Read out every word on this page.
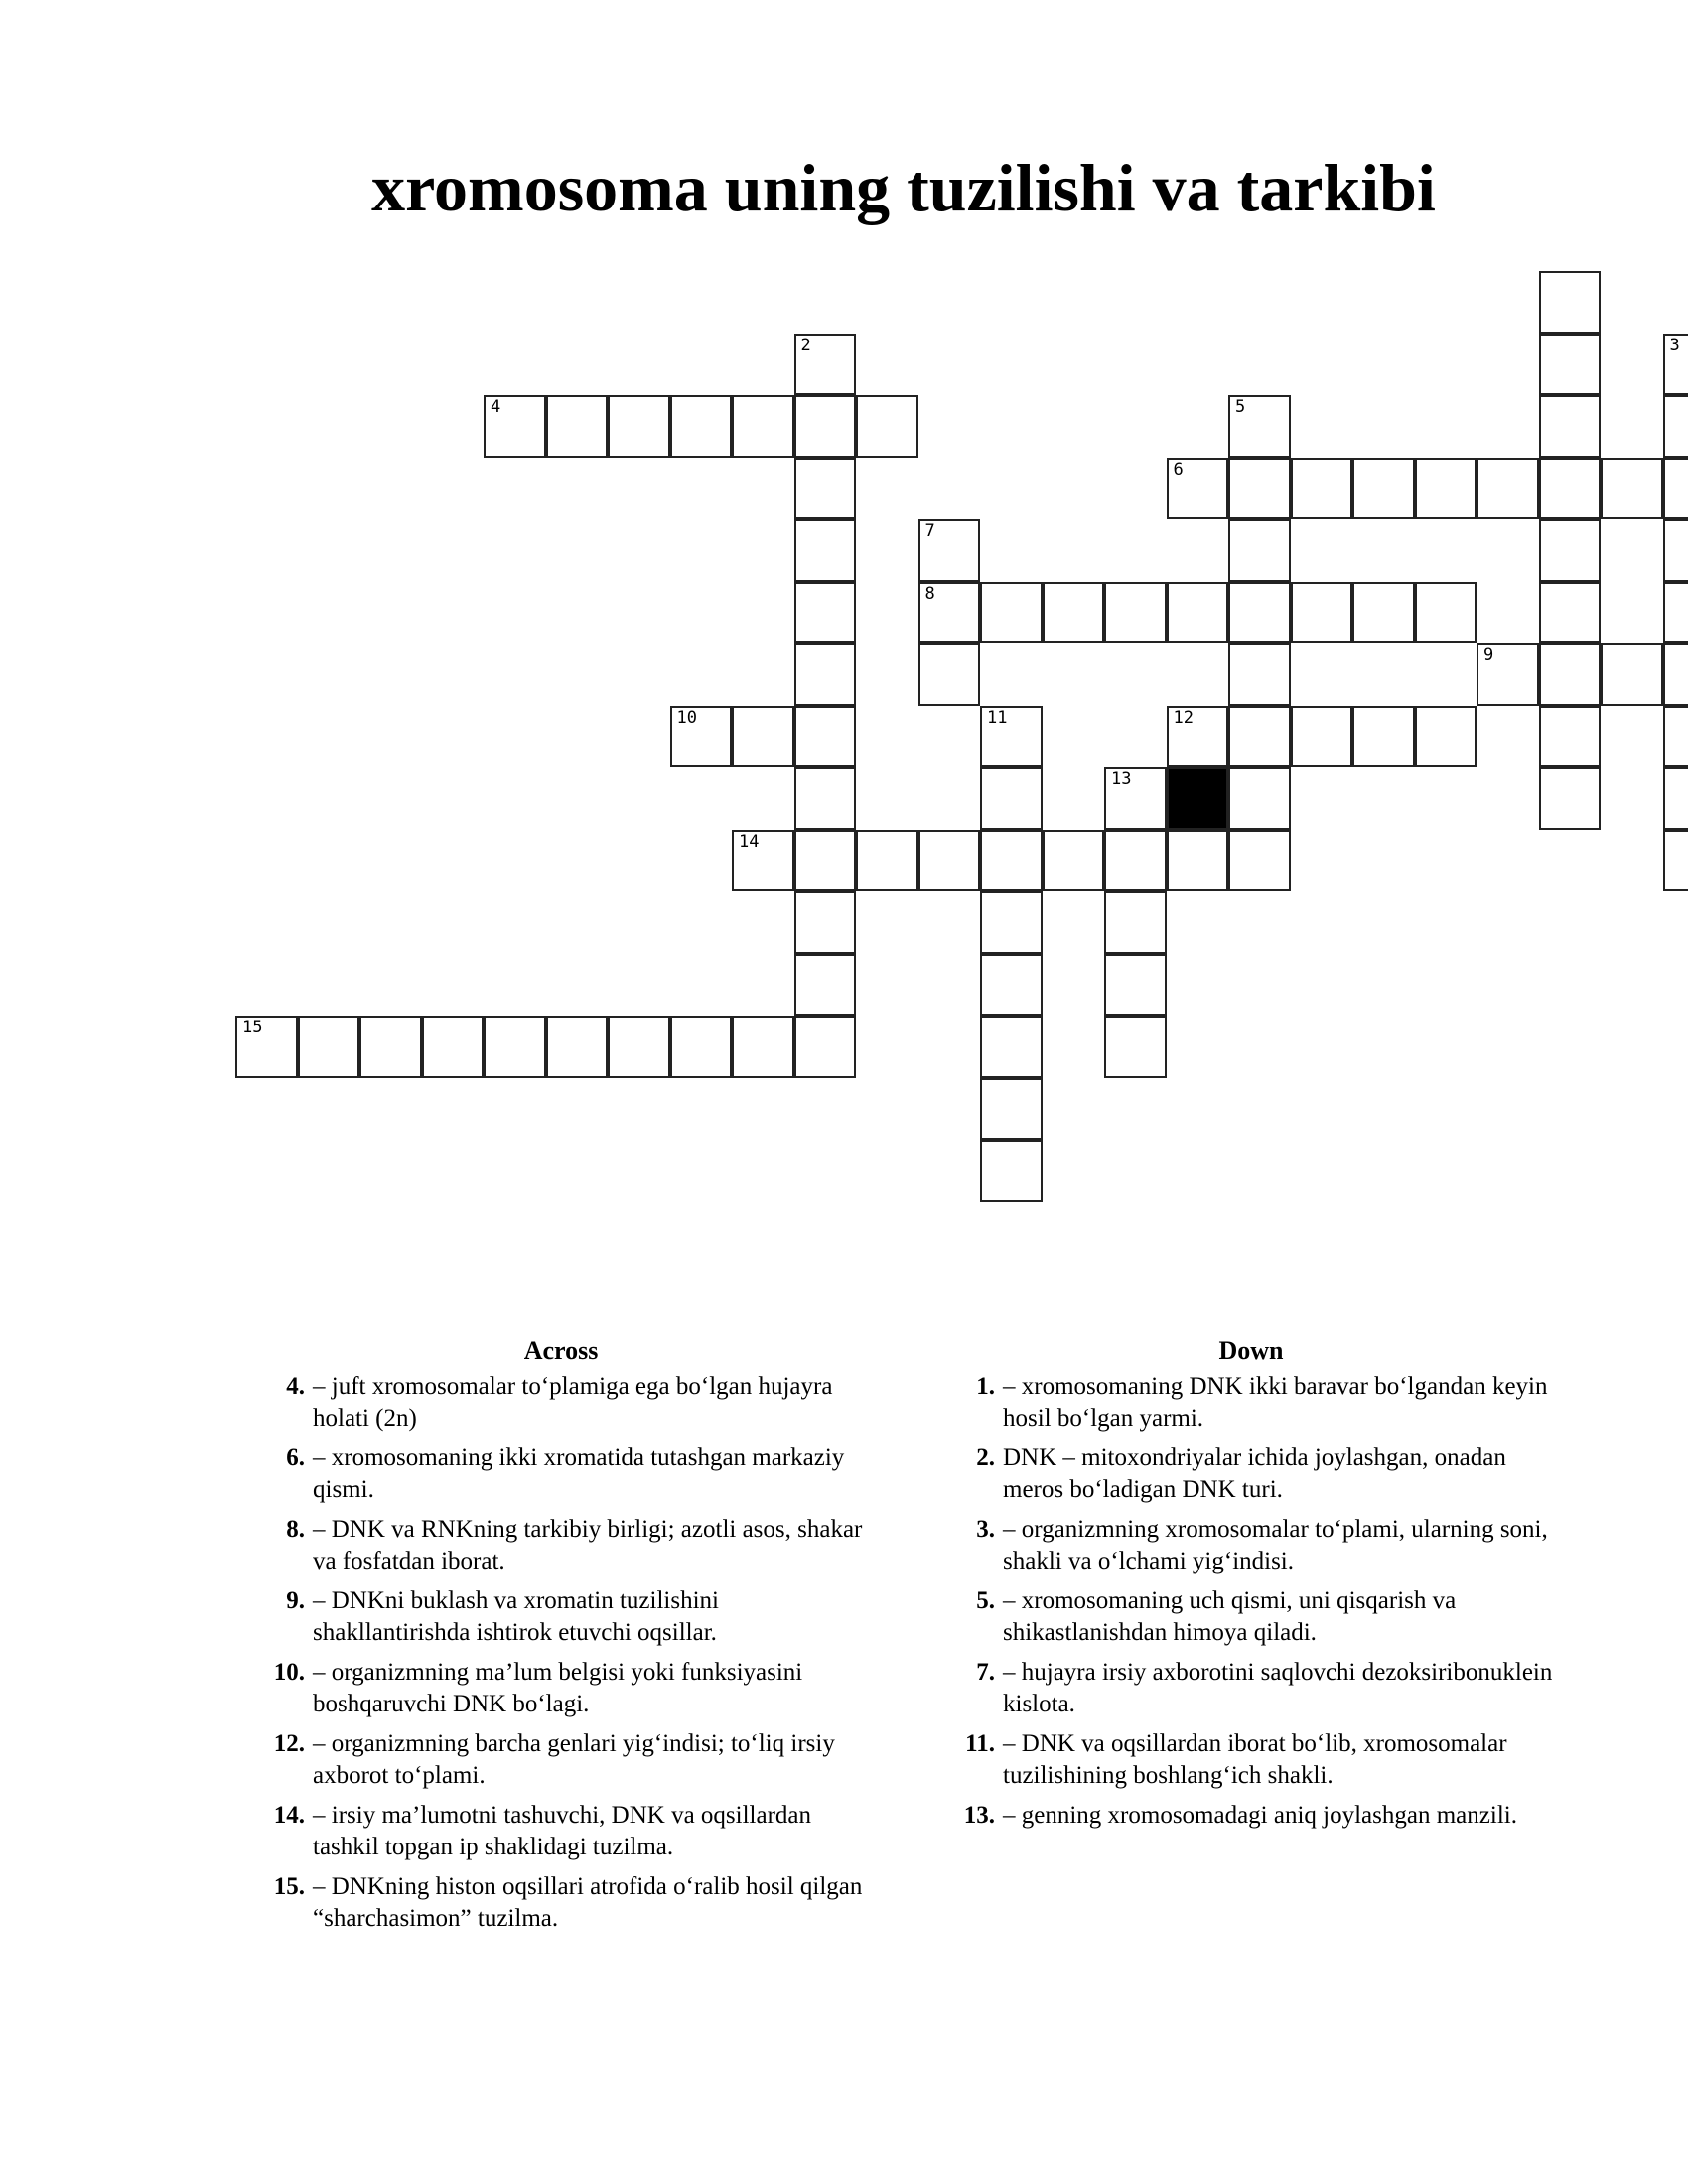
xromosoma uning tuzilishi va tarkibi
2	3
4	5
6
7
8
9
10	11	12
13
14
15
Across
4. – juft xromosomalar to‘plamiga ega bo‘lgan hujayra holati (2n)
6. – xromosomaning ikki xromatida tutashgan markaziy qismi.
8. – DNK va RNKning tarkibiy birligi; azotli asos, shakar va fosfatdan iborat.
9. – DNKni buklash va xromatin tuzilishini shakllantirishda ishtirok etuvchi oqsillar.
10. – organizmning ma’lum belgisi yoki funksiyasini boshqaruvchi DNK bo‘lagi.
12. – organizmning barcha genlari yig‘indisi; to‘liq irsiy axborot to‘plami.
14. – irsiy ma’lumotni tashuvchi, DNK va oqsillardan tashkil topgan ip shaklidagi tuzilma.
15. – DNKning histon oqsillari atrofida o‘ralib hosil qilgan “sharchasimon” tuzilma.
Down
1. – xromosomaning DNK ikki baravar bo‘lgandan keyin hosil bo‘lgan yarmi.
2. DNK – mitoxondriyalar ichida joylashgan, onadan meros bo‘ladigan DNK turi.
3. – organizmning xromosomalar to‘plami, ularning soni, shakli va o‘lchami yig‘indisi.
5. – xromosomaning uch qismi, uni qisqarish va shikastlanishdan himoya qiladi.
7. – hujayra irsiy axborotini saqlovchi dezoksiribonuklein kislota.
11. – DNK va oqsillardan iborat bo‘lib, xromosomalar tuzilishining boshlang‘ich shakli.
13. – genning xromosomadagi aniq joylashgan manzili.
